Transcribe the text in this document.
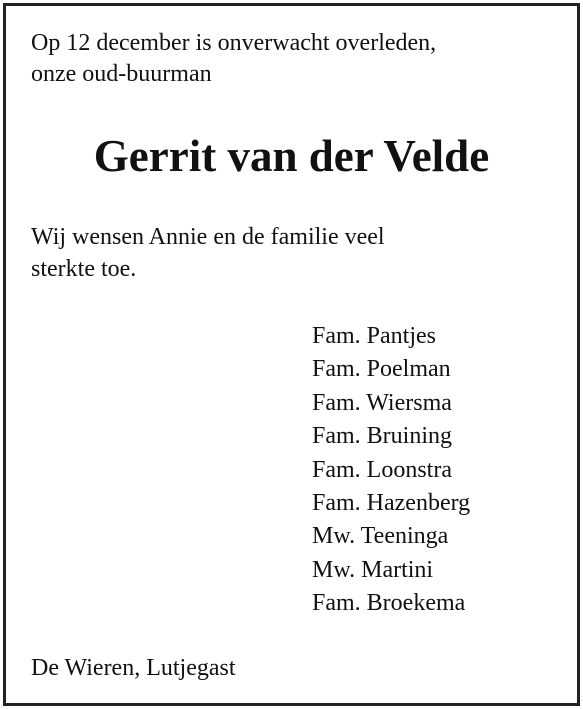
Op 12 december is onverwacht overleden,
onze oud-buurman

Gerrit van der Velde

Wij wensen Annie en de familie veel
sterkte toe.

Fam. Pantjes
Fam. Poelman
Fam. Wiersma
Fam. Bruining
Fam. Loonstra
Fam. Hazenberg
Mw. Teeninga
Mw. Martini
Fam. Broekema

De Wieren, Lutjegast
